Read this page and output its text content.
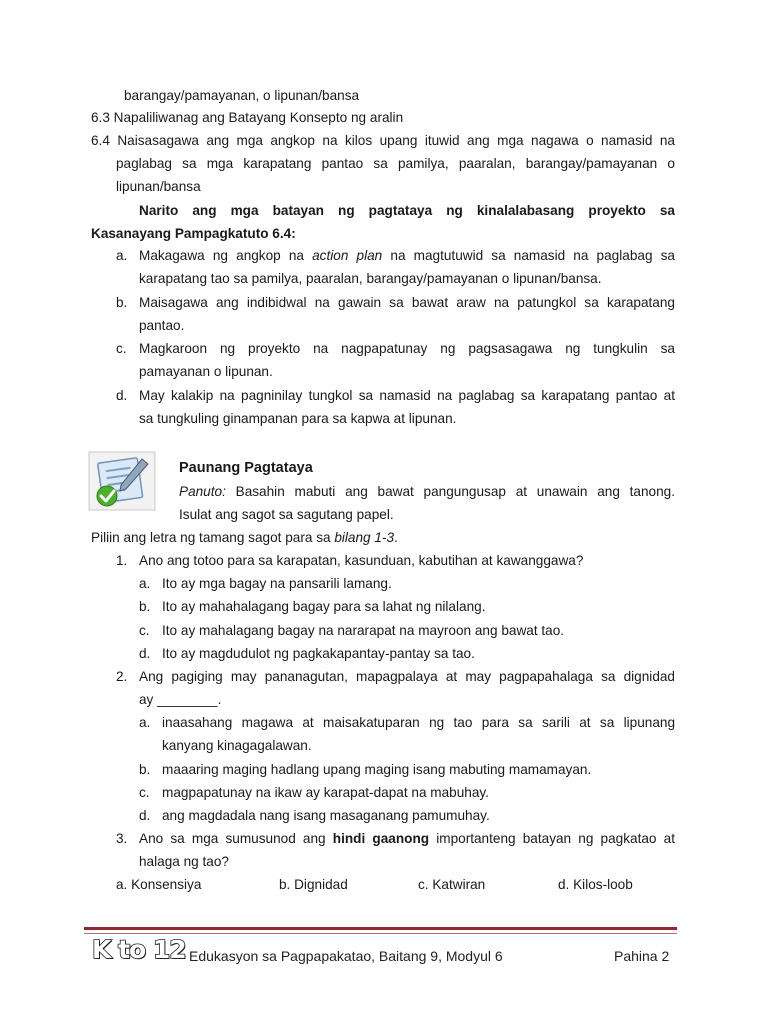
barangay/pamayanan, o lipunan/bansa
6.3 Napaliliwanag ang Batayang Konsepto ng aralin
6.4 Naisasagawa ang mga angkop na kilos upang ituwid ang mga nagawa o namasid na
paglabag sa mga karapatang pantao sa pamilya, paaralan, barangay/pamayanan o
lipunan/bansa
Narito ang mga batayan ng pagtataya ng kinalalabasang proyekto sa
Kasanayang Pampagkatuto 6.4:
a. Makagawa ng angkop na action plan na magtutuwid sa namasid na paglabag sa
karapatang tao sa pamilya, paaralan, barangay/pamayanan o lipunan/bansa.
b. Maisagawa ang indibidwal na gawain sa bawat araw na patungkol sa karapatang
pantao.
c. Magkaroon ng proyekto na nagpapatunay ng pagsasagawa ng tungkulin sa
pamayanan o lipunan.
d. May kalakip na pagninilay tungkol sa namasid na paglabag sa karapatang pantao at
sa tungkuling ginampanan para sa kapwa at lipunan.
Paunang Pagtataya
Panuto: Basahin mabuti ang bawat pangungusap at unawain ang tanong.
Isulat ang sagot sa sagutang papel.
Piliin ang letra ng tamang sagot para sa bilang 1-3.
1. Ano ang totoo para sa karapatan, kasunduan, kabutihan at kawanggawa?
a. Ito ay mga bagay na pansarili lamang.
b. Ito ay mahahalagang bagay para sa lahat ng nilalang.
c. Ito ay mahalagang bagay na nararapat na mayroon ang bawat tao.
d. Ito ay magdudulot ng pagkakapantay-pantay sa tao.
2. Ang pagiging may pananagutan, mapagpalaya at may pagpapahalaga sa dignidad
ay ________.
a. inaasahang magawa at maisakatuparan ng tao para sa sarili at sa lipunang
kanyang kinagagalawan.
b. maaaring maging hadlang upang maging isang mabuting mamamayan.
c. magpapatunay na ikaw ay karapat-dapat na mabuhay.
d. ang magdadala nang isang masaganang pamumuhay.
3. Ano sa mga sumusunod ang hindi gaanong importanteng batayan ng pagkatao at
halaga ng tao?
a. Konsensiya	b. Dignidad	c. Katwiran	d. Kilos-loob
K to 12 Edukasyon sa Pagpapakatao, Baitang 9, Modyul 6	Pahina 2
